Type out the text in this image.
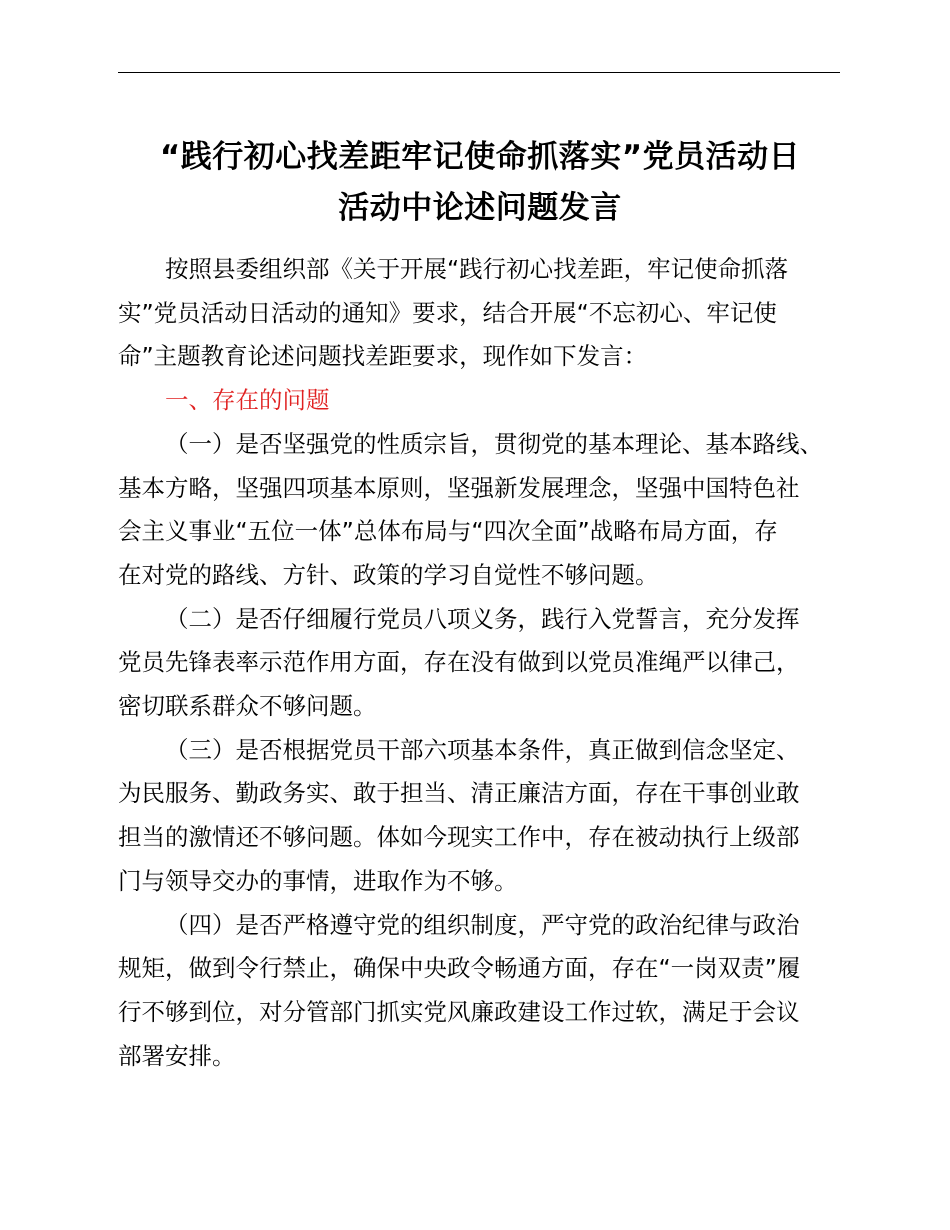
“践行初心找差距牢记使命抓落实”党员活动日
活动中论述问题发言

按照县委组织部《关于开展“践行初心找差距，牢记使命抓落
实”党员活动日活动的通知》要求，结合开展“不忘初心、牢记使
命”主题教育论述问题找差距要求，现作如下发言：

一、存在的问题

（一）是否坚强党的性质宗旨，贯彻党的基本理论、基本路线、
基本方略，坚强四项基本原则，坚强新发展理念，坚强中国特色社
会主义事业“五位一体”总体布局与“四次全面”战略布局方面，存
在对党的路线、方针、政策的学习自觉性不够问题。

（二）是否仔细履行党员八项义务，践行入党誓言，充分发挥
党员先锋表率示范作用方面，存在没有做到以党员准绳严以律己，
密切联系群众不够问题。

（三）是否根据党员干部六项基本条件，真正做到信念坚定、
为民服务、勤政务实、敢于担当、清正廉洁方面，存在干事创业敢
担当的激情还不够问题。体如今现实工作中，存在被动执行上级部
门与领导交办的事情，进取作为不够。

（四）是否严格遵守党的组织制度，严守党的政治纪律与政治
规矩，做到令行禁止，确保中央政令畅通方面，存在“一岗双责”履
行不够到位，对分管部门抓实党风廉政建设工作过软，满足于会议
部署安排。
